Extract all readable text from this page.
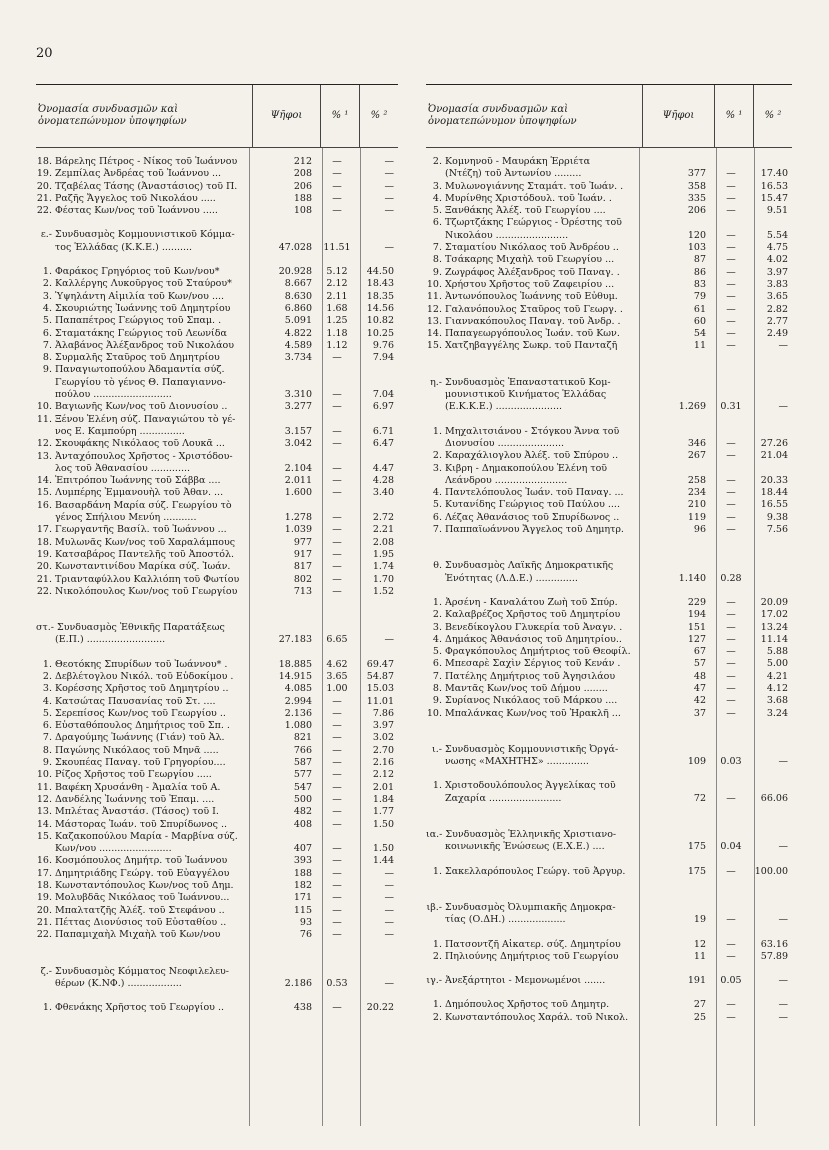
20
Ὀνομασία συνδυασμῶν καὶ ὀνοματεπώνυμον ὑποψηφίων
Ψῆφοι	% ¹	% ²
18. Βάρελης Πέτρος - Νίκος τοῦ Ἰωάννου	212	—	—
19. Ζεμπίλας Ἀνδρέας τοῦ Ἰωάννου ...	208	—	—
20. Τζαβέλας Τάσης (Ἀναστάσιος) τοῦ Π.	206	—	—
21. Ραζῆς Ἄγγελος τοῦ Νικολάου .....	188	—	—
22. Φέστας Κων/νος τοῦ Ἰωάννου .....	108	—	—
ε.- Συνδυασμὸς Κομμουνιστικοῦ Κόμμα-
τος Ἑλλάδας (Κ.Κ.Ε.) ..........	47.028	11.51	—
1. Φαράκος Γρηγόριος τοῦ Κων/νου*	20.928	5.12	44.50
2. Καλλέργης Λυκοῦργος τοῦ Σταύρου*	8.667	2.12	18.43
3. Ὑψηλάντη Αἰμιλία τοῦ Κων/νου ....	8.630	2.11	18.35
4. Σκουριώτης Ἰωάννης τοῦ Δημητρίου	6.860	1.68	14.56
5. Παπαπέτρος Γεώργιος τοῦ Σπαμ. .	5.091	1.25	10.82
6. Σταματάκης Γεώργιος τοῦ Λεωνίδα	4.822	1.18	10.25
7. Ἀλαβάνος Ἀλέξανδρος τοῦ Νικολάου	4.589	1.12	9.76
8. Συρμαλῆς Σταῦρος τοῦ Δημητρίου	3.734	—	7.94
9. Παναγιωτοπούλου Ἀδαμαντία σύζ.
Γεωργίου τὸ γένος Θ. Παπαγιαννο-
πούλου ..........................	3.310	—	7.04
10. Βαγιωνῆς Κων/νος τοῦ Διονυσίου ..	3.277	—	6.97
11. Ξένου Ἑλένη σύζ. Παναγιώτου τὸ γέ-
νος Ε. Καμπούρη ...............	3.157	—	6.71
12. Σκουφάκης Νικόλαος τοῦ Λουκᾶ ...	3.042	—	6.47
13. Ἀνταχόπουλος Χρῆστος - Χριστόδου-
λος τοῦ Ἀθανασίου .............	2.104	—	4.47
14. Ἐπιτρόπου Ἰωάννης τοῦ Σάββα ....	2.011	—	4.28
15. Λυμπέρης Ἐμμανουὴλ τοῦ Ἀθαν. ...	1.600	—	3.40
16. Βασαρδάνη Μαρία σύζ. Γεωργίου τὸ
γένος Σπήλιου Μενύη ...........	1.278	—	2.72
17. Γεωργαντῆς Βασίλ. τοῦ Ἰωάννου ...	1.039	—	2.21
18. Μυλωνᾶς Κων/νος τοῦ Χαραλάμπους	977	—	2.08
19. Κατσαβάρος Παντελῆς τοῦ Ἀποστόλ.	917	—	1.95
20. Κωνσταντινίδου Μαρίκα σύζ. Ἰωάν.	817	—	1.74
21. Τριανταφύλλου Καλλιόπη τοῦ Φωτίου	802	—	1.70
22. Νικολόπουλος Κων/νος τοῦ Γεωργίου	713	—	1.52
στ.- Συνδυασμὸς Ἐθνικῆς Παρατάξεως
(Ε.Π.) ..........................	27.183	6.65	—
1. Θεοτόκης Σπυρίδων τοῦ Ἰωάννου* .	18.885	4.62	69.47
2. Δεβλέτογλου Νικόλ. τοῦ Εὐδοκίμου .	14.915	3.65	54.87
3. Κορέσσης Χρῆστος τοῦ Δημητρίου ..	4.085	1.00	15.03
4. Κατσώτας Παυσανίας τοῦ Στ. ....	2.994	—	11.01
5. Σερεπίσος Κων/νος τοῦ Γεωργίου ..	2.136	—	7.86
6. Εὐσταθόπουλος Δημήτριος τοῦ Σπ. .	1.080	—	3.97
7. Δραγούμης Ἰωάννης (Γιάν) τοῦ Ἀλ.	821	—	3.02
8. Παγώνης Νικόλαος τοῦ Μηνᾶ .....	766	—	2.70
9. Σκουπέας Παναγ. τοῦ Γρηγορίου....	587	—	2.16
10. Ρίζος Χρῆστος τοῦ Γεωργίου .....	577	—	2.12
11. Βαφέκη Χρυσάνθη - Ἀμαλία τοῦ Α.	547	—	2.01
12. Δανδέλης Ἰωάννης τοῦ Ἐπαμ. ....	500	—	1.84
13. Μπλέτας Ἀναστάσ. (Τάσος) τοῦ Ι.	482	—	1.77
14. Μάστορας Ἰωάν. τοῦ Σπυρίδωνος ..	408	—	1.50
15. Καζακοπούλου Μαρία - Μαρβίνα σύζ.
Κων/νου ........................	407	—	1.50
16. Κοσμόπουλος Δημήτρ. τοῦ Ἰωάννου	393	—	1.44
17. Δημητριάδης Γεώργ. τοῦ Εὐαγγέλου	188	—	—
18. Κωνσταντόπουλος Κων/νος τοῦ Δημ.	182	—	—
19. Μολυβδᾶς Νικόλαος τοῦ Ἰωάννου...	171	—	—
20. Μπαλτατζῆς Ἀλέξ. τοῦ Στεφάνου ..	115	—	—
21. Πέττας Διονύσιος τοῦ Εὐσταθίου ..	93	—	—
22. Παπαμιχαὴλ Μιχαὴλ τοῦ Κων/νου	76	—	—
ζ.- Συνδυασμὸς Κόμματος Νεοφιλελευ-
θέρων (Κ.ΝΦ.) ..................	2.186	0.53	—
1. Φθενάκης Χρῆστος τοῦ Γεωργίου ..	438	—	20.22
Ὀνομασία συνδυασμῶν καὶ ὀνοματεπώνυμον ὑποψηφίων
Ψῆφοι	% ¹	% ²
2. Κομνηνοῦ - Μαυράκη Ἑρριέτα
(Ντέζη) τοῦ Ἀντωνίου .........	377	—	17.40
3. Μυλωνογιάννης Σταμάτ. τοῦ Ἰωάν. .	358	—	16.53
4. Μυρίνθης Χριστόδουλ. τοῦ Ἰωάν. .	335	—	15.47
5. Ξανθάκης Ἀλέξ. τοῦ Γεωργίου ....	206	—	9.51
6. Τζωρτζάκης Γεώργιος - Ὀρέστης τοῦ
Νικολάου ........................	120	—	5.54
7. Σταματίου Νικόλαος τοῦ Ἀνδρέου ..	103	—	4.75
8. Τσάκαρης Μιχαὴλ τοῦ Γεωργίου ...	87	—	4.02
9. Ζωγράφος Ἀλέξανδρος τοῦ Παναγ. .	86	—	3.97
10. Χρήστου Χρῆστος τοῦ Ζαφειρίου ...	83	—	3.83
11. Ἀντωνόπουλος Ἰωάννης τοῦ Εὐθυμ.	79	—	3.65
12. Γαλανόπουλος Σταῦρος τοῦ Γεωργ. .	61	—	2.82
13. Γιαννακόπουλος Παναγ. τοῦ Ἀνδρ. .	60	—	2.77
14. Παπαγεωργόπουλος Ἰωάν. τοῦ Κων.	54	—	2.49
15. Χατζηβαγγέλης Σωκρ. τοῦ Πανταζῆ	11	—	—
η.- Συνδυασμὸς Ἐπαναστατικοῦ Κομ-
μουνιστικοῦ Κινήματος Ἑλλάδας
(Ε.Κ.Κ.Ε.) ......................	1.269	0.31	—
1. Μηχαλιτσιάνου - Στόγκου Ἄννα τοῦ
Διονυσίου ......................	346	—	27.26
2. Καραχάλιογλου Ἀλέξ. τοῦ Σπύρου ..	267	—	21.04
3. Κιβρη - Δημακοπούλου Ἑλένη τοῦ
Λεάνδρου ........................	258	—	20.33
4. Παντελόπουλος Ἰωάν. τοῦ Παναγ. ...	234	—	18.44
5. Κυτανίδης Γεώργιος τοῦ Παύλου ....	210	—	16.55
6. Λέζας Ἀθανάσιος τοῦ Σπυρίδωνος ..	119	—	9.38
7. Παππαϊωάννου Ἄγγελος τοῦ Δημητρ.	96	—	7.56
θ. Συνδυασμὸς Λαϊκῆς Δημοκρατικῆς
Ἑνότητας (Λ.Δ.Ε.) ..............	1.140	0.28
1. Ἀρσένη - Καναλάτου Ζωὴ τοῦ Σπύρ.	229	—	20.09
2. Καλαβρέζος Χρῆστος τοῦ Δημητρίου	194	—	17.02
3. Βενεδίκογλου Γλυκερία τοῦ Ἀναγν. .	151	—	13.24
4. Δημάκος Ἀθανάσιος τοῦ Δημητρίου..	127	—	11.14
5. Φραγκόπουλος Δημήτριος τοῦ Θεοφίλ.	67	—	5.88
6. Μπεσαρὲ Σαχὶν Σέργιος τοῦ Κενάν .	57	—	5.00
7. Πατέλης Δημήτριος τοῦ Ἀγησιλάου	48	—	4.21
8. Μαντᾶς Κων/νος τοῦ Δήμου ........	47	—	4.12
9. Συρίανος Νικόλαος τοῦ Μάρκου ....	42	—	3.68
10. Μπαλάνκας Κων/νος τοῦ Ἡρακλῆ ...	37	—	3.24
ι.- Συνδυασμὸς Κομμουνιστικῆς Ὀργά-
νωσης «ΜΑΧΗΤΗΣ» ..............	109	0.03	—
1. Χριστοδουλόπουλος Ἀγγελίκας τοῦ
Ζαχαρία ........................	72	—	66.06
ια.- Συνδυασμὸς Ἑλληνικῆς Χριστιανο-
κοινωνικῆς Ἑνώσεως (Ε.Χ.Ε.) ....	175	0.04	—
1. Σακελλαρόπουλος Γεώργ. τοῦ Ἀργυρ.	175	—	100.00
ιβ.- Συνδυασμὸς Ὀλυμπιακῆς Δημοκρα-
τίας (Ο.ΔΗ.) ...................	19	—	—
1. Πατσοντζῆ Αἰκατερ. σύζ. Δημητρίου	12	—	63.16
2. Πηλιούνης Δημήτριος τοῦ Γεωργίου	11	—	57.89
ιγ.- Ἀνεξάρτητοι - Μεμονωμένοι .......	191	0.05	—
1. Δημόπουλος Χρῆστος τοῦ Δημητρ.	27	—	—
2. Κωνσταντόπουλος Χαράλ. τοῦ Νικολ.	25	—	—
